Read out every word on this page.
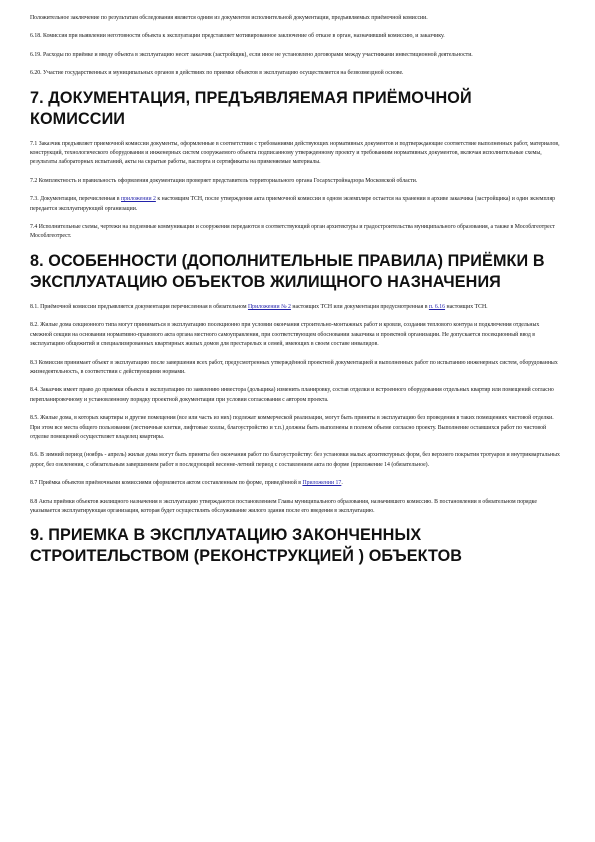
Положительное заключение по результатам обследования является одним из документов исполнительной документации, предъявляемых приёмочной комиссии.

6.18. Комиссия при выявлении неготовности объекта к эксплуатации представляет мотивированное заключение об отказе в орган, назначивший комиссию, и заказчику.

6.19. Расходы по приёмке и вводу объекта в эксплуатацию несет заказчик (застройщик), если иное не установлено договорами между участниками инвестиционной деятельности.

6.20. Участие государственных и муниципальных органов в действиях по приемке объектов в эксплуатацию осуществляется на безвозмездной основе.

7. ДОКУМЕНТАЦИЯ, ПРЕДЪЯВЛЯЕМАЯ ПРИЁМОЧНОЙ КОМИССИИ

7.1 Заказчик предъявляет приемочной комиссии документы, оформленные в соответствии с требованиями действующих нормативных документов и подтверждающие соответствие выполненных работ, материалов, конструкций, технологического оборудования и инженерных систем сооружаемого объекта подписанному утвержденному проекту и требованиям нормативных документов, включая исполнительные схемы, результаты лабораторных испытаний, акты на скрытые работы, паспорта и сертификаты на применяемые материалы.

7.2 Комплектность и правильность оформления документации проверяет представитель территориального органа Госархстройнадзора Московской области.

7.3. Документация, перечисленная в приложении 2 к настоящим ТСН, после утверждения акта приемочной комиссии в одном экземпляре остается на хранении в архиве заказчика (застройщика) и один экземпляр передается эксплуатирующей организации.

7.4 Исполнительные схемы, чертежи на подземные коммуникации и сооружения передаются в соответствующий орган архитектуры и градостроительства муниципального образования, а также в Мособлгеотрест Мособлгеотрест.

8. ОСОБЕННОСТИ (ДОПОЛНИТЕЛЬНЫЕ ПРАВИЛА) ПРИЁМКИ В ЭКСПЛУАТАЦИЮ ОБЪЕКТОВ ЖИЛИЩНОГО НАЗНАЧЕНИЯ

8.1. Приёмочной комиссии предъявляется документация перечисленная в обязательном Приложении № 2 настоящих ТСН или документация предусмотренная в п. 6.16 настоящих ТСН.

8.2. Жилые дома секционного типа могут приниматься в эксплуатацию посекционно при условии окончания строительно-монтажных работ и кровли, создания теплового контура и подключения отдельных смежной секции на основании нормативно-правового акта органа местного самоуправления, при соответствующем обосновании заказчика и проектной организации. Не допускается посекционный ввод в эксплуатацию общежитий и специализированных квартирных жилых домов для престарелых и семей, имеющих в своем составе инвалидов.

8.3 Комиссия принимает объект в эксплуатацию после завершения всех работ, предусмотренных утверждённой проектной документацией и выполненных работ по испытанию инженерных систем, оборудованных жизнедеятельность, в соответствии с действующими нормами.

8.4. Заказчик имеет право до приемки объекта в эксплуатацию по заявлению инвестора (дольщика) изменить планировку, состав отделки и встроенного оборудования отдельных квартир или помещений согласно перепланировочному и установленному порядку проектной документации при условии согласования с автором проекта.

8.5. Жилые дома, в которых квартиры и другие помещения (все или часть из них) подлежат коммерческой реализации, могут быть приняты в эксплуатацию без проведения в таких помещениях чистовой отделки. При этом все места общего пользования (лестничные клетки, лифтовые холлы, благоустройство и т.п.) должны быть выполнены в полном объеме согласно проекту. Выполнение оставшихся работ по чистовой отделке помещений осуществляет владелец квартиры.

8.6. В зимний период (ноябрь - апрель) жилые дома могут быть приняты без окончания работ по благоустройству: без установки малых архитектурных форм, без верхнего покрытия тротуаров и внутриквартальных дорог, без озеленения, с обязательным завершением работ в последующий весенне-летний период с составлением акта по форме (приложение 14 (обязательное).

8.7 Приёмка объектов приёмочными комиссиями оформляется актом составленным по форме, приведённой в Приложении 17.

8.8 Акты приёмки объектов жилищного назначения в эксплуатацию утверждаются постановлением Главы муниципального образования, назначившего комиссию. В постановлении в обязательном порядке указывается эксплуатирующая организация, которая будет осуществлять обслуживание жилого здания после его введения в эксплуатацию.

9. ПРИЕМКА В ЭКСПЛУАТАЦИЮ ЗАКОНЧЕННЫХ СТРОИТЕЛЬСТВОМ (РЕКОНСТРУКЦИЕЙ ) ОБЪЕКТОВ
